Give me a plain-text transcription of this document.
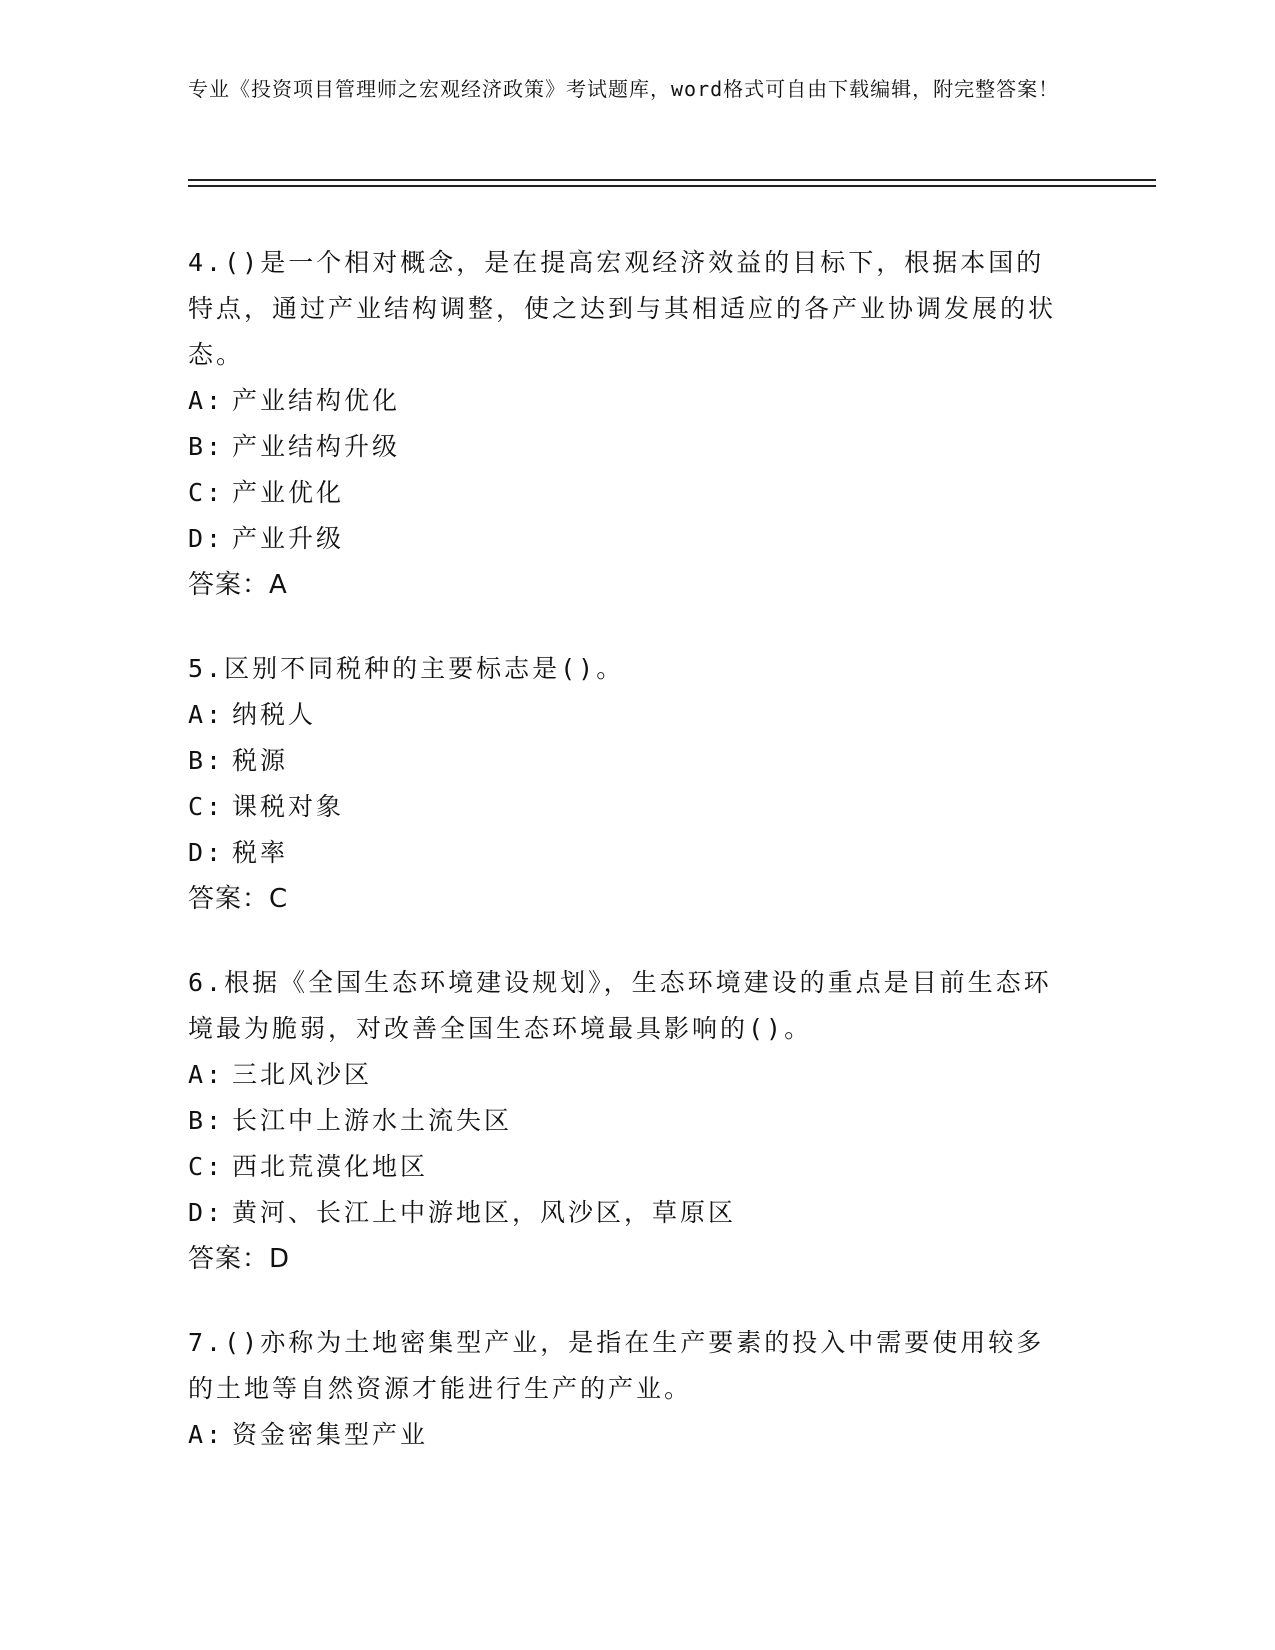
专业《投资项目管理师之宏观经济政策》考试题库，word格式可自由下载编辑，附完整答案！

4.()是一个相对概念，是在提高宏观经济效益的目标下，根据本国的特点，通过产业结构调整，使之达到与其相适应的各产业协调发展的状态。

A: 产业结构优化

B: 产业结构升级

C: 产业优化

D: 产业升级

答案：A

5.区别不同税种的主要标志是()。

A: 纳税人

B: 税源

C: 课税对象

D: 税率

答案：C

6.根据《全国生态环境建设规划》，生态环境建设的重点是目前生态环境最为脆弱，对改善全国生态环境最具影响的()。

A: 三北风沙区

B: 长江中上游水土流失区

C: 西北荒漠化地区

D: 黄河、长江上中游地区，风沙区，草原区

答案：D

7.()亦称为土地密集型产业，是指在生产要素的投入中需要使用较多的土地等自然资源才能进行生产的产业。

A: 资金密集型产业
